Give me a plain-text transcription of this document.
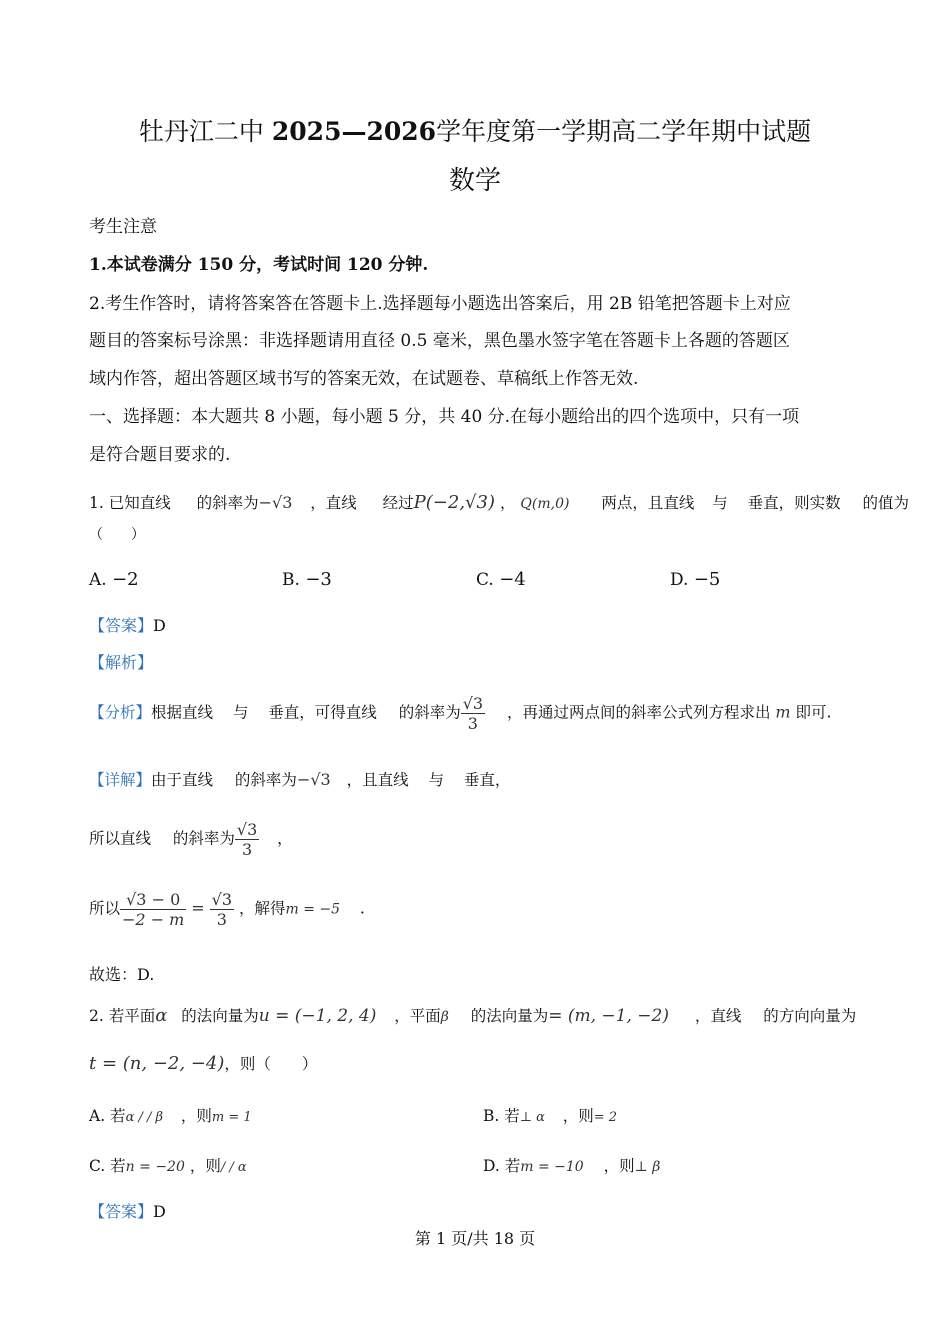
牡丹江二中 2025—2026学年度第一学期高二学年期中试题
数学
考生注意
1.本试卷满分 150 分，考试时间 120 分钟.
2.考生作答时，请将答案答在答题卡上.选择题每小题选出答案后，用 2B 铅笔把答题卡上对应
题目的答案标号涂黑：非选择题请用直径 0.5 毫米，黑色墨水签字笔在答题卡上各题的答题区
域内作答，超出答题区域书写的答案无效，在试题卷、草稿纸上作答无效.
一、选择题：本大题共 8 小题，每小题 5 分，共 40 分.在每小题给出的四个选项中，只有一项
是符合题目要求的.
1. 已知直线 的斜率为−√3 ，直线 经过P(−2,√3) ， Q(m,0) 两点，且直线 与 垂直，则实数 的值为
（　　）
A. −2	B. −3	C. −4	D. −5
【答案】D
【解析】
【分析】根据直线 与 垂直，可得直线 的斜率为 $\frac{√3}{3}$ ，再通过两点间的斜率公式列方程求出 m 即可.
【详解】由于直线 的斜率为−√3 ，且直线 与 垂直，
所以直线 的斜率为 $\frac{√3}{3}$ ，
所以 $\frac{√3 - 0}{-2 - m} = \frac{√3}{3}$ ，解得m = −5 .
故选：D.
2. 若平面α 的法向量为u = (−1, 2, 4) ，平面β 的法向量为= (m, −1, −2) ，直线 的方向向量为
t = (n, −2, −4)，则（　　）
A. 若α / / β ，则m = 1	B. 若⊥ α ，则= 2
C. 若n = −20 ，则/ / α	D. 若m = −10 ，则⊥ β
【答案】D
第 1 页/共 18 页
